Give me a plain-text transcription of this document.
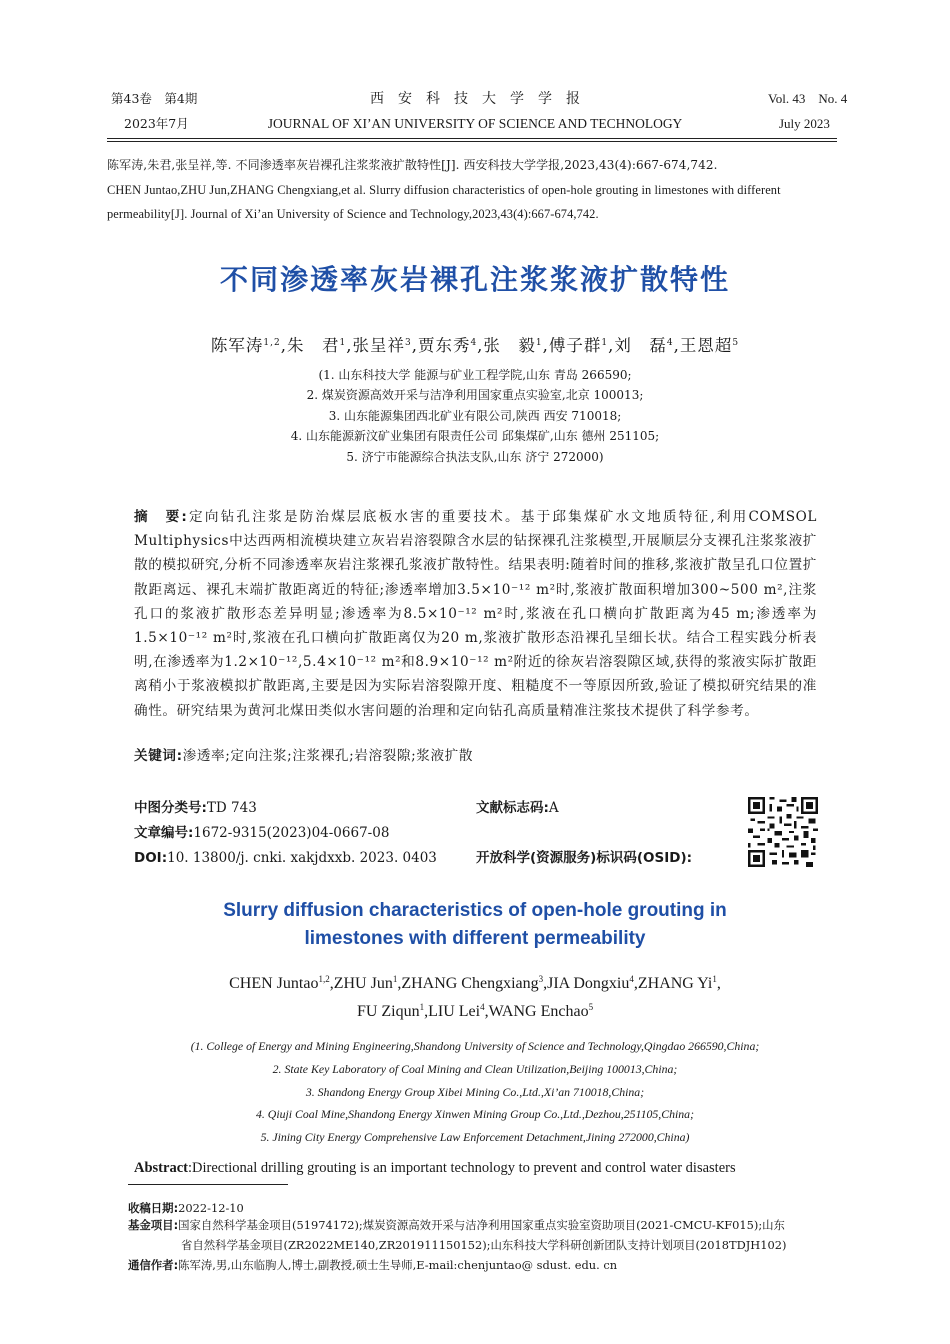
第43卷　第4期
2023年7月
西　安　科　技　大　学　学　报
JOURNAL OF XI’AN UNIVERSITY OF SCIENCE AND TECHNOLOGY
Vol. 43　No. 4
July 2023
陈军涛,朱君,张呈祥,等. 不同渗透率灰岩裸孔注浆浆液扩散特性[J]. 西安科技大学学报,2023,43(4):667-674,742.
CHEN Juntao,ZHU Jun,ZHANG Chengxiang,et al. Slurry diffusion characteristics of open-hole grouting in limestones with different
permeability[J]. Journal of Xi’an University of Science and Technology,2023,43(4):667-674,742.
不同渗透率灰岩裸孔注浆浆液扩散特性
陈军涛$^{1,2}$,朱　君$^1$,张呈祥$^3$,贾东秀$^4$,张　毅$^1$,傅子群$^1$,刘　磊$^4$,王恩超$^5$
(1. 山东科技大学 能源与矿业工程学院,山东 青岛 266590;
2. 煤炭资源高效开采与洁净利用国家重点实验室,北京 100013;
3. 山东能源集团西北矿业有限公司,陕西 西安 710018;
4. 山东能源新汶矿业集团有限责任公司 邱集煤矿,山东 德州 251105;
5. 济宁市能源综合执法支队,山东 济宁 272000)
摘　要:定向钻孔注浆是防治煤层底板水害的重要技术。基于邱集煤矿水文地质特征,利用COMSOL Multiphysics中达西两相流模块建立灰岩岩溶裂隙含水层的钻探裸孔注浆模型,开展顺层分支裸孔注浆浆液扩散的模拟研究,分析不同渗透率灰岩注浆裸孔浆液扩散特性。结果表明:随着时间的推移,浆液扩散呈孔口位置扩散距离远、裸孔末端扩散距离近的特征;渗透率增加3.5×10⁻¹² m²时,浆液扩散面积增加300~500 m²,注浆孔口的浆液扩散形态差异明显;渗透率为8.5×10⁻¹² m²时,浆液在孔口横向扩散距离为45 m;渗透率为1.5×10⁻¹² m²时,浆液在孔口横向扩散距离仅为20 m,浆液扩散形态沿裸孔呈细长状。结合工程实践分析表明,在渗透率为1.2×10⁻¹²,5.4×10⁻¹² m²和8.9×10⁻¹² m²附近的徐灰岩溶裂隙区域,获得的浆液实际扩散距离稍小于浆液模拟扩散距离,主要是因为实际岩溶裂隙开度、粗糙度不一等原因所致,验证了模拟研究结果的准确性。研究结果为黄河北煤田类似水害问题的治理和定向钻孔高质量精准注浆技术提供了科学参考。
关键词:渗透率;定向注浆;注浆裸孔;岩溶裂隙;浆液扩散
中图分类号:TD 743	文献标志码:A
文章编号:1672-9315(2023)04-0667-08
DOI:10. 13800/j. cnki. xakjdxxb. 2023. 0403	开放科学(资源服务)标识码(OSID):
Slurry diffusion characteristics of open-hole grouting in
limestones with different permeability
CHEN Juntao$^{1,2}$,ZHU Jun$^1$,ZHANG Chengxiang$^3$,JIA Dongxiu$^4$,ZHANG Yi$^1$,
FU Ziqun$^1$,LIU Lei$^4$,WANG Enchao$^5$
(1. College of Energy and Mining Engineering,Shandong University of Science and Technology,Qingdao 266590,China;
2. State Key Laboratory of Coal Mining and Clean Utilization,Beijing 100013,China;
3. Shandong Energy Group Xibei Mining Co.,Ltd.,Xi’an 710018,China;
4. Qiuji Coal Mine,Shandong Energy Xinwen Mining Group Co.,Ltd.,Dezhou,251105,China;
5. Jining City Energy Comprehensive Law Enforcement Detachment,Jining 272000,China)
Abstract:Directional drilling grouting is an important technology to prevent and control water disasters
收稿日期:2022-12-10
基金项目:国家自然科学基金项目(51974172);煤炭资源高效开采与洁净利用国家重点实验室资助项目(2021-CMCU-KF015);山东
省自然科学基金项目(ZR2022ME140,ZR201911150152);山东科技大学科研创新团队支持计划项目(2018TDJH102)
通信作者:陈军涛,男,山东临朐人,博士,副教授,硕士生导师,E-mail:chenjuntao@ sdust. edu. cn
